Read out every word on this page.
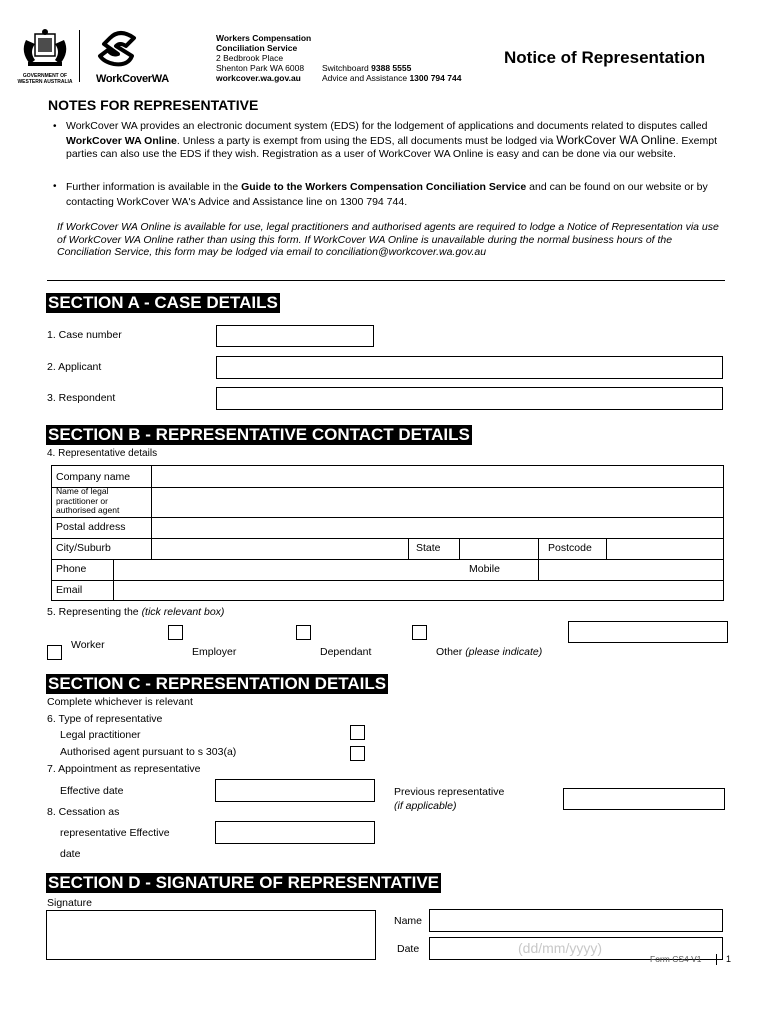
GOVERNMENT OF WESTERN AUSTRALIA WorkCoverWA
Workers Compensation
Conciliation Service
2 Bedbrook Place
Shenton Park WA 6008
workcover.wa.gov.au
Switchboard 9388 5555
Advice and Assistance 1300 794 744
Notice of Representation
NOTES FOR REPRESENTATIVE
• WorkCover WA provides an electronic document system (EDS) for the lodgement of applications and documents related to disputes called WorkCover WA Online. Unless a party is exempt from using the EDS, all documents must be lodged via WorkCover WA Online. Exempt parties can also use the EDS if they wish. Registration as a user of WorkCover WA Online is easy and can be done via our website.
• Further information is available in the Guide to the Workers Compensation Conciliation Service and can be found on our website or by contacting WorkCover WA's Advice and Assistance line on 1300 794 744.
If WorkCover WA Online is available for use, legal practitioners and authorised agents are required to lodge a Notice of Representation via use of WorkCover WA Online rather than using this form. If WorkCover WA Online is unavailable during the normal business hours of the Conciliation Service, this form may be lodged via email to conciliation@workcover.wa.gov.au
SECTION A - CASE DETAILS
1. Case number
2. Applicant
3. Respondent
SECTION B - REPRESENTATIVE CONTACT DETAILS
4. Representative details
Company name
Name of legal practitioner or authorised agent
Postal address
City/Suburb	State	Postcode
Phone	Mobile
Email
5. Representing the (tick relevant box)
Worker
Employer	Dependant	Other (please indicate)
SECTION C - REPRESENTATION DETAILS
Complete whichever is relevant
6. Type of representative
Legal practitioner
Authorised agent pursuant to s 303(a)
7. Appointment as representative
Effective date
8. Cessation as
representative Effective
date
Previous representative
(if applicable)
SECTION D - SIGNATURE OF REPRESENTATIVE
Signature
Name
Date	(dd/mm/yyyy)
Form CS4 V1	1
